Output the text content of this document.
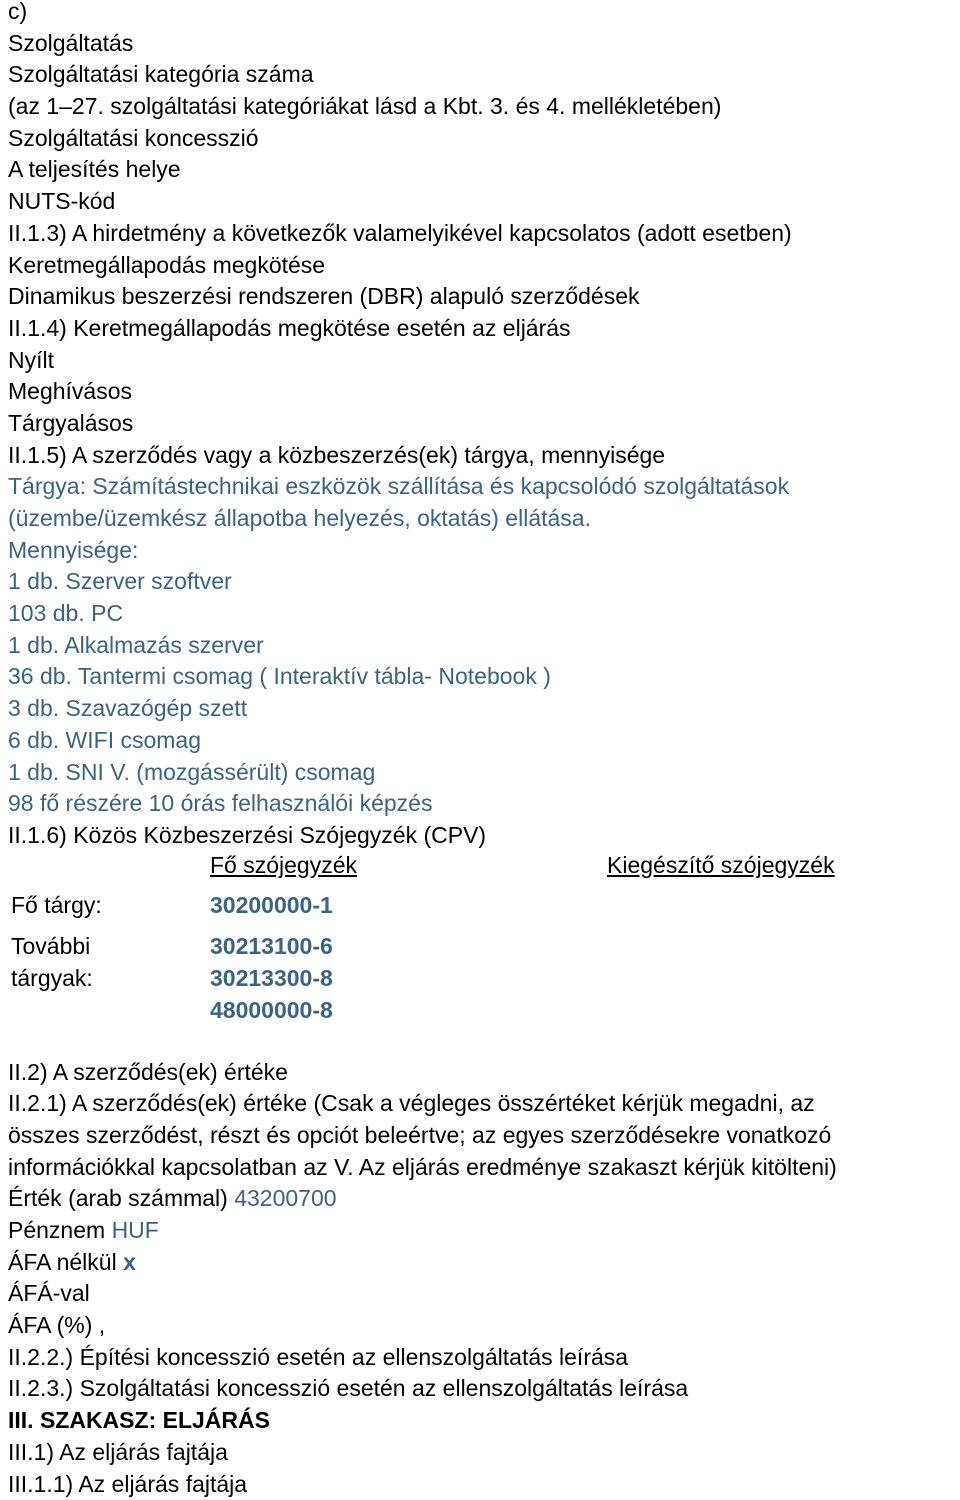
c)
Szolgáltatás
Szolgáltatási kategória száma
(az 1–27. szolgáltatási kategóriákat lásd a Kbt. 3. és 4. mellékletében)
Szolgáltatási koncesszió
A teljesítés helye
NUTS-kód
II.1.3) A hirdetmény a következők valamelyikével kapcsolatos (adott esetben)
Keretmegállapodás megkötése
Dinamikus beszerzési rendszeren (DBR) alapuló szerződések
II.1.4) Keretmegállapodás megkötése esetén az eljárás
Nyílt
Meghívásos
Tárgyalásos
II.1.5) A szerződés vagy a közbeszerzés(ek) tárgya, mennyisége
Tárgya: Számítástechnikai eszközök szállítása és kapcsolódó szolgáltatások
(üzembe/üzemkész állapotba helyezés, oktatás) ellátása.
Mennyisége:
1 db. Szerver szoftver
103 db. PC
1 db. Alkalmazás szerver
36 db. Tantermi csomag ( Interaktív tábla- Notebook )
3 db. Szavazógép szett
6 db. WIFI csomag
1 db. SNI V. (mozgássérült) csomag
98 fő részére 10 órás felhasználói képzés
II.1.6) Közös Közbeszerzési Szójegyzék (CPV)
Fő szójegyzék	Kiegészítő szójegyzék
Fő tárgy:	30200000-1
További
tárgyak:
30213100-6
30213300-8
48000000-8
II.2) A szerződés(ek) értéke
II.2.1) A szerződés(ek) értéke (Csak a végleges összértéket kérjük megadni, az
összes szerződést, részt és opciót beleértve; az egyes szerződésekre vonatkozó
információkkal kapcsolatban az V. Az eljárás eredménye szakaszt kérjük kitölteni)
Érték (arab számmal) 43200700
Pénznem HUF
ÁFA nélkül x
ÁFÁ-val
ÁFA (%) ,
II.2.2.) Építési koncesszió esetén az ellenszolgáltatás leírása
II.2.3.) Szolgáltatási koncesszió esetén az ellenszolgáltatás leírása
III. SZAKASZ: ELJÁRÁS
III.1) Az eljárás fajtája
III.1.1) Az eljárás fajtája
